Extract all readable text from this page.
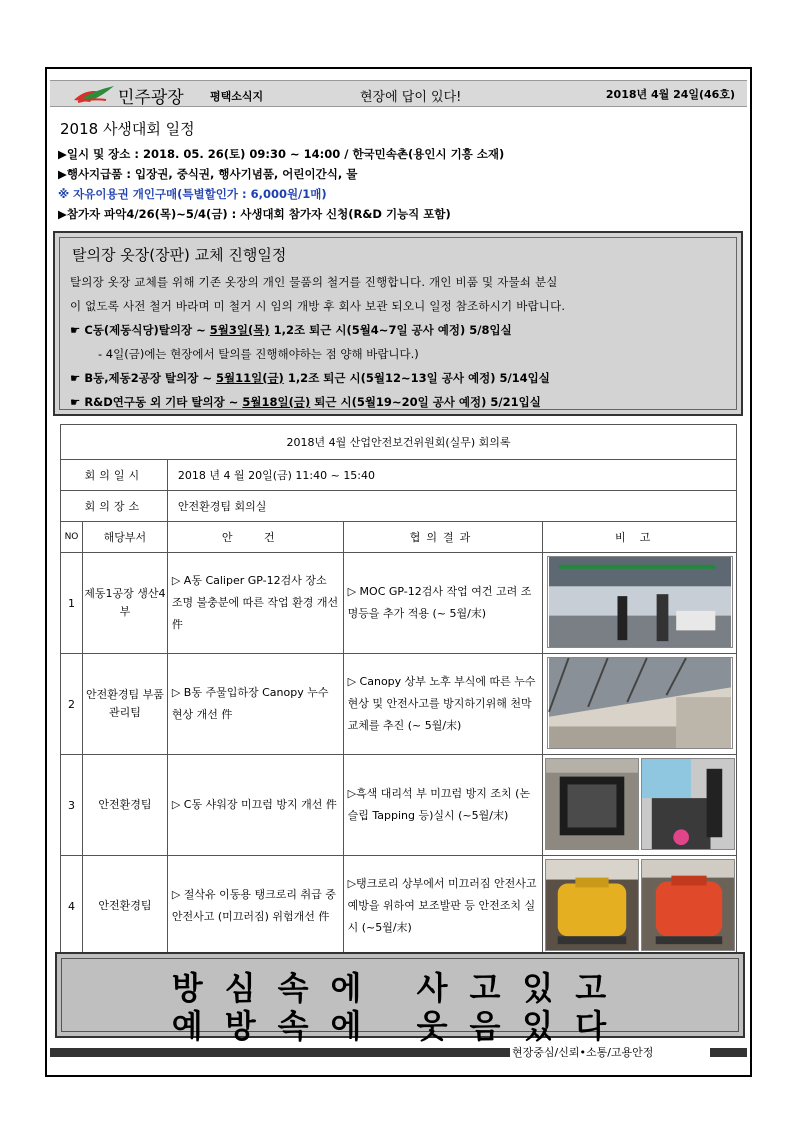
민주광장 평택소식지	현장에 답이 있다!	2018년 4월 24일(46호)
2018 사생대회 일정
▶일시 및 장소 : 2018. 05. 26(토) 09:30 ~ 14:00 / 한국민속촌(용인시 기흥 소재)
▶행사지급품 : 입장권, 중식권, 행사기념품, 어린이간식, 물
※ 자유이용권 개인구매(특별할인가 : 6,000원/1매)
▶참가자 파악4/26(목)~5/4(금) : 사생대회 참가자 신청(R&D 기능직 포함)
탈의장 옷장(장판) 교체 진행일정
탈의장 옷장 교체를 위해 기존 옷장의 개인 물품의 철거를 진행합니다. 개인 비품 및 자물쇠 분실
이 없도록 사전 철거 바라며 미 철거 시 임의 개방 후 회사 보관 되오니 일정 참조하시기 바랍니다.
☛ C동(제동식당)탈의장 ~ 5월3일(목) 1,2조 퇴근 시(5월4~7일 공사 예정) 5/8입실
- 4일(금)에는 현장에서 탈의를 진행해야하는 점 양해 바랍니다.)
☛ B동,제동2공장 탈의장 ~ 5월11일(금) 1,2조 퇴근 시(5월12~13일 공사 예정) 5/14입실
☛ R&D연구동 외 기타 탈의장 ~ 5월18일(금) 퇴근 시(5월19~20일 공사 예정) 5/21입실
2018년 4월 산업안전보건위원회(실무) 회의록				
회의일시		2018 년 4 월 20일(금) 11:40 ~ 15:40		
회의장소		안전환경팀 회의실		
NO	해당부서	안 건	협의결과	비고
1	제동1공장 생산4부	▷ A동 Caliper GP-12검사 장소 조명 불충분에 따른 작업 환경 개선 件	▷ MOC GP-12검사 작업 여건 고려 조명등을 추가 적용 (~ 5월/末)	

2	안전환경팀 부품관리팀	▷ B동 주물입하장 Canopy 누수현상 개선 件	▷ Canopy 상부 노후 부식에 따른 누수 현상 및 안전사고를 방지하기위해 천막 교체를 추진 (~ 5월/末)	

3	안전환경팀	▷ C동 샤워장 미끄럼 방지 개선 件	▷흑색 대리석 부 미끄럼 방지 조치 (논슬립 Tapping 등)실시 (~5월/末)	

4	안전환경팀	▷ 절삭유 이동용 탱크로리 취급 중 안전사고 (미끄러짐) 위험개선 件	▷탱크로리 상부에서 미끄러짐 안전사고예방을 위하여 보조발판 등 안전조치 실시 (~5월/末)	
방심속에 사고있고
예방속에 웃음있다
현장중심/신뢰•소통/고용안정
